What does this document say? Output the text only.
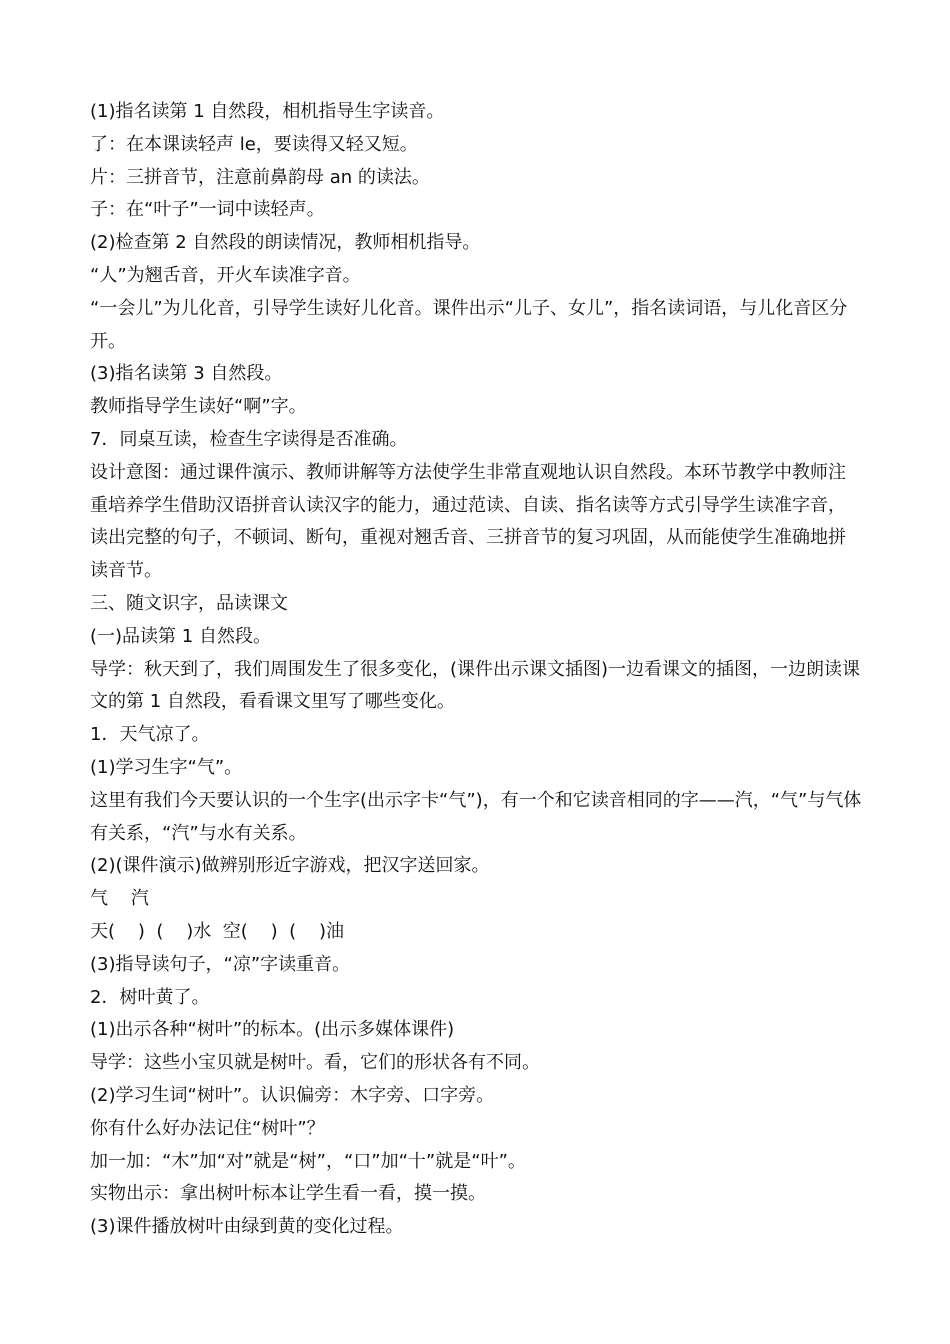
(1)指名读第 1 自然段，相机指导生字读音。

了：在本课读轻声 le，要读得又轻又短。

片：三拼音节，注意前鼻韵母 an 的读法。

子：在“叶子”一词中读轻声。

(2)检查第 2 自然段的朗读情况，教师相机指导。

“人”为翘舌音，开火车读准字音。

“一会儿”为儿化音，引导学生读好儿化音。课件出示“儿子、女儿”，指名读词语，与儿化音区分开。

(3)指名读第 3 自然段。

教师指导学生读好“啊”字。

7．同桌互读，检查生字读得是否准确。

设计意图：通过课件演示、教师讲解等方法使学生非常直观地认识自然段。本环节教学中教师注重培养学生借助汉语拼音认读汉字的能力，通过范读、自读、指名读等方式引导学生读准字音，读出完整的句子，不顿词、断句，重视对翘舌音、三拼音节的复习巩固，从而能使学生准确地拼读音节。

三、随文识字，品读课文

(一)品读第 1 自然段。

导学：秋天到了，我们周围发生了很多变化，(课件出示课文插图)一边看课文的插图，一边朗读课文的第 1 自然段，看看课文里写了哪些变化。

1．天气凉了。

(1)学习生字“气”。

这里有我们今天要认识的一个生字(出示字卡“气”)，有一个和它读音相同的字——汽，“气”与气体有关系，“汽”与水有关系。

(2)(课件演示)做辨别形近字游戏，把汉字送回家。

气    汽

天(    )  (    )水  空(    )  (    )油

(3)指导读句子，“凉”字读重音。

2．树叶黄了。

(1)出示各种“树叶”的标本。(出示多媒体课件)

导学：这些小宝贝就是树叶。看，它们的形状各有不同。

(2)学习生词“树叶”。认识偏旁：木字旁、口字旁。

你有什么好办法记住“树叶”？

加一加：“木”加“对”就是“树”，“口”加“十”就是“叶”。

实物出示：拿出树叶标本让学生看一看，摸一摸。

(3)课件播放树叶由绿到黄的变化过程。
